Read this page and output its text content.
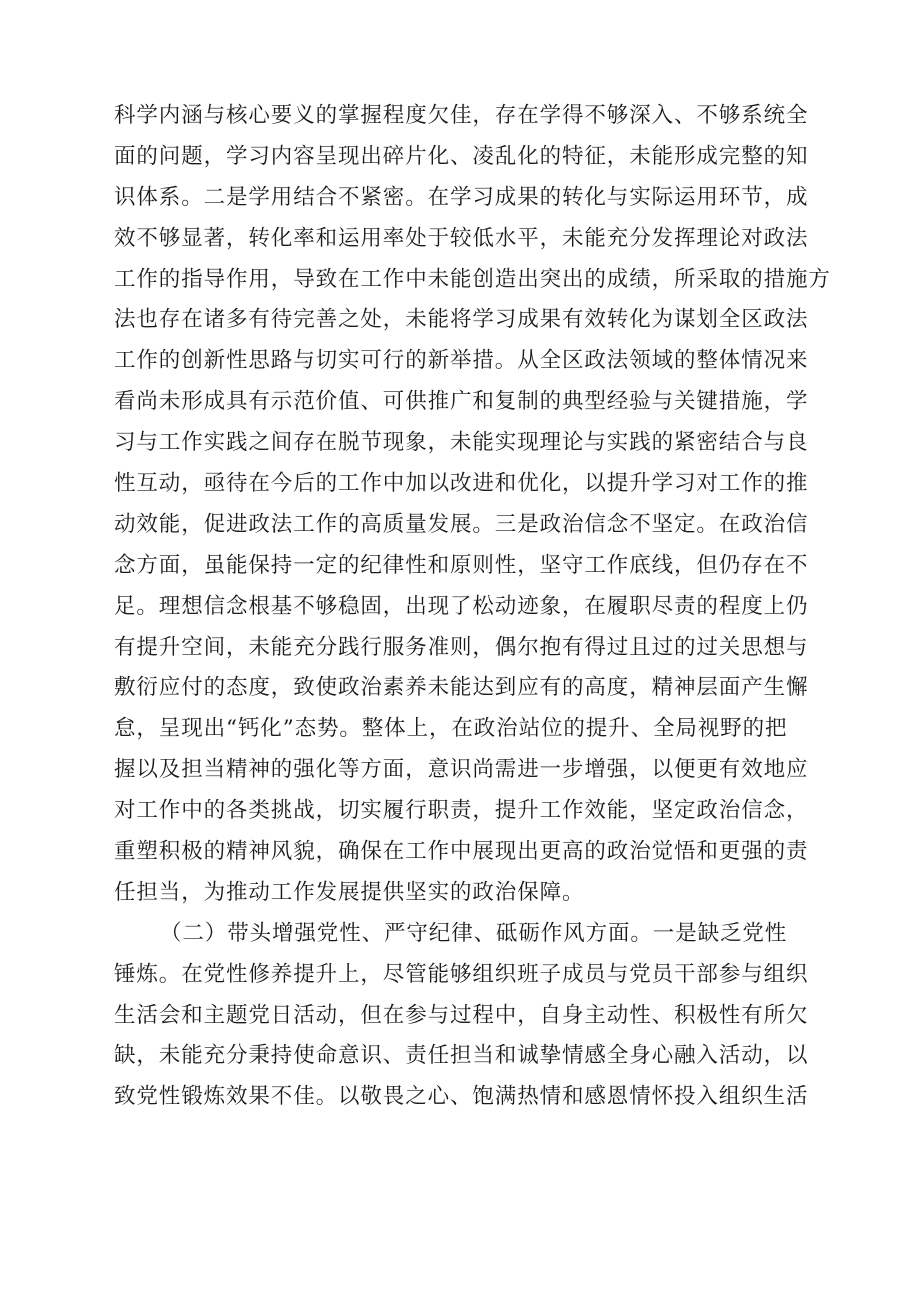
科学内涵与核心要义的掌握程度欠佳，存在学得不够深入、不够系统全
面的问题，学习内容呈现出碎片化、凌乱化的特征，未能形成完整的知
识体系。二是学用结合不紧密。在学习成果的转化与实际运用环节，成
效不够显著，转化率和运用率处于较低水平，未能充分发挥理论对政法
工作的指导作用，导致在工作中未能创造出突出的成绩，所采取的措施方
法也存在诸多有待完善之处，未能将学习成果有效转化为谋划全区政法
工作的创新性思路与切实可行的新举措。从全区政法领域的整体情况来
看尚未形成具有示范价值、可供推广和复制的典型经验与关键措施，学
习与工作实践之间存在脱节现象，未能实现理论与实践的紧密结合与良
性互动，亟待在今后的工作中加以改进和优化，以提升学习对工作的推
动效能，促进政法工作的高质量发展。三是政治信念不坚定。在政治信
念方面，虽能保持一定的纪律性和原则性，坚守工作底线，但仍存在不
足。理想信念根基不够稳固，出现了松动迹象，在履职尽责的程度上仍
有提升空间，未能充分践行服务准则，偶尔抱有得过且过的过关思想与
敷衍应付的态度，致使政治素养未能达到应有的高度，精神层面产生懈
怠，呈现出“钙化”态势。整体上，在政治站位的提升、全局视野的把
握以及担当精神的强化等方面，意识尚需进一步增强，以便更有效地应
对工作中的各类挑战，切实履行职责，提升工作效能，坚定政治信念，
重塑积极的精神风貌，确保在工作中展现出更高的政治觉悟和更强的责
任担当，为推动工作发展提供坚实的政治保障。
（二）带头增强党性、严守纪律、砥砺作风方面。一是缺乏党性
锤炼。在党性修养提升上，尽管能够组织班子成员与党员干部参与组织
生活会和主题党日活动，但在参与过程中，自身主动性、积极性有所欠
缺，未能充分秉持使命意识、责任担当和诚挚情感全身心融入活动，以
致党性锻炼效果不佳。以敬畏之心、饱满热情和感恩情怀投入组织生活
